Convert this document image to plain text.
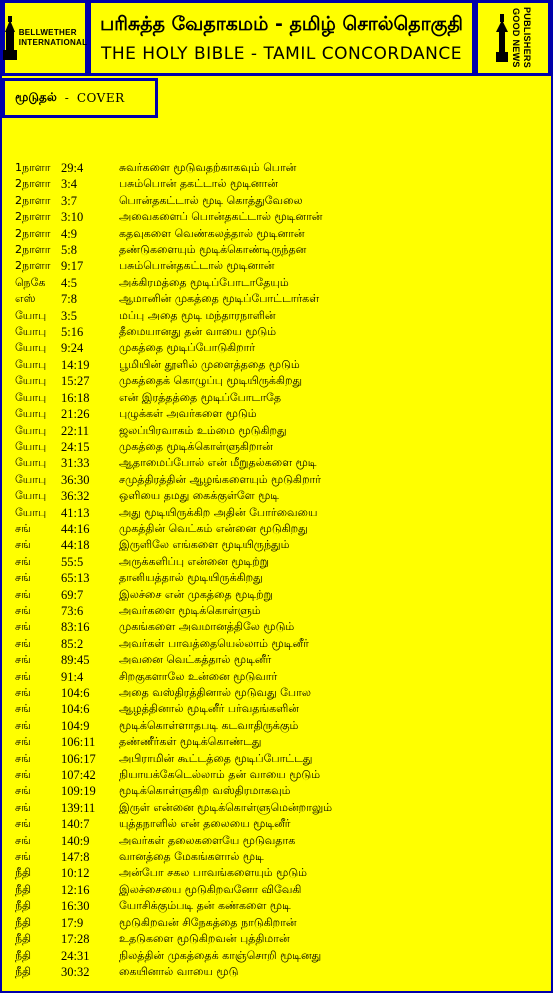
BELLWETHER
INTERNATIONAL
பரிசுத்த வேதாகமம் - தமிழ் சொல்தொகுதி
THE HOLY BIBLE - TAMIL CONCORDANCE	GOOD NEWS PUBLISHERS
மூடுதல் - COVER
1நாளா 29:4	சுவர்களை மூடுவதற்காகவும் பொன்
2நாளா 3:4	பசும்பொன் தகட்டால் மூடினான்
2நாளா 3:7	பொன்தகட்டால் மூடி கொத்துவேலை
2நாளா 3:10	அவைகளைப் பொன்தகட்டால் மூடினான்
2நாளா 4:9	கதவுகளை வெண்கலத்தால் மூடினான்
2நாளா 5:8	தண்டுகளையும் மூடிக்கொண்டிருந்தன
2நாளா 9:17	பசும்பொன்தகட்டால் மூடினான்
நெகே	4:5	அக்கிரமத்தை மூடிப்போடாதேயும்
எஸ்	7:8	ஆமானின் முகத்தை மூடிப்போட்டார்கள்
யோபு	3:5	மப்பு அதை மூடி மந்தாரநாளின்
யோபு	5:16	தீமையானது தன் வாயை மூடும்
யோபு	9:24	முகத்தை மூடிப்போடுகிறார்
யோபு	14:19	பூமியின் தூளில் முளைத்ததை மூடும்
யோபு	15:27	முகத்தைக் கொழுப்பு மூடியிருக்கிறது
யோபு	16:18	என் இரத்தத்தை மூடிப்போடாதே
யோபு	21:26	புழுக்கள் அவர்களை மூடும்
யோபு	22:11	ஜலப்பிரவாகம் உம்மை மூடுகிறது
யோபு	24:15	முகத்தை மூடிக்கொள்ளுகிறான்
யோபு	31:33	ஆதாமைப்போல் என் மீறுதல்களை மூடி
யோபு	36:30	சமுத்திரத்தின் ஆழங்களையும் மூடுகிறார்
யோபு	36:32	ஒளியை தமது கைக்குள்ளே மூடி
யோபு	41:13	அது மூடியிருக்கிற அதின் போர்வையை
சங்	44:16	முகத்தின் வெட்கம் என்னை மூடுகிறது
சங்	44:18	இருளிலே எங்களை மூடியிருந்தும்
சங்	55:5	அருக்களிப்பு என்னை மூடிற்று
சங்	65:13	தானியத்தால் மூடியிருக்கிறது
சங்	69:7	இலச்சை என் முகத்தை மூடிற்று
சங்	73:6	அவர்களை மூடிக்கொள்ளும்
சங்	83:16	முகங்களை அவமானத்திலே மூடும்
சங்	85:2	அவர்கள் பாவத்தையெல்லாம் மூடினீர்
சங்	89:45	அவனை வெட்கத்தால் மூடினீர்
சங்	91:4	சிறகுகளாலே உன்னை மூடுவார்
சங்	104:6	அதை வஸ்திரத்தினால் மூடுவது போல
சங்	104:6	ஆழத்தினால் மூடினீர் பர்வதங்களின்
சங்	104:9	மூடிக்கொள்ளாதபடி கடவாதிருக்கும்
சங்	106:11	தண்ணீர்கள் மூடிக்கொண்டது
சங்	106:17	அபிராமின் கூட்டத்தை மூடிப்போட்டது
சங்	107:42	நியாயக்கேடெல்லாம் தன் வாயை மூடும்
சங்	109:19	மூடிக்கொள்ளுகிற வஸ்திரமாகவும்
சங்	139:11	இருள் என்னை மூடிக்கொள்ளுமென்றாலும்
சங்	140:7	யுத்தநாளில் என் தலையை மூடினீர்
சங்	140:9	அவர்கள் தலைகளையே மூடுவதாக
சங்	147:8	வானத்தை மேகங்களால் மூடி
நீதி	10:12	அன்போ சகல பாவங்களையும் மூடும்
நீதி	12:16	இலச்சையை மூடுகிறவனோ விவேகி
நீதி	16:30	யோசிக்கும்படி தன் கண்களை மூடி
நீதி	17:9	மூடுகிறவன் சிநேகத்தை நாடுகிறான்
நீதி	17:28	உதடுகளை மூடுகிறவன் புத்திமான்
நீதி	24:31	நிலத்தின் முகத்தைக் காஞ்சொறி மூடினது
நீதி	30:32	கையினால் வாயை மூடு
